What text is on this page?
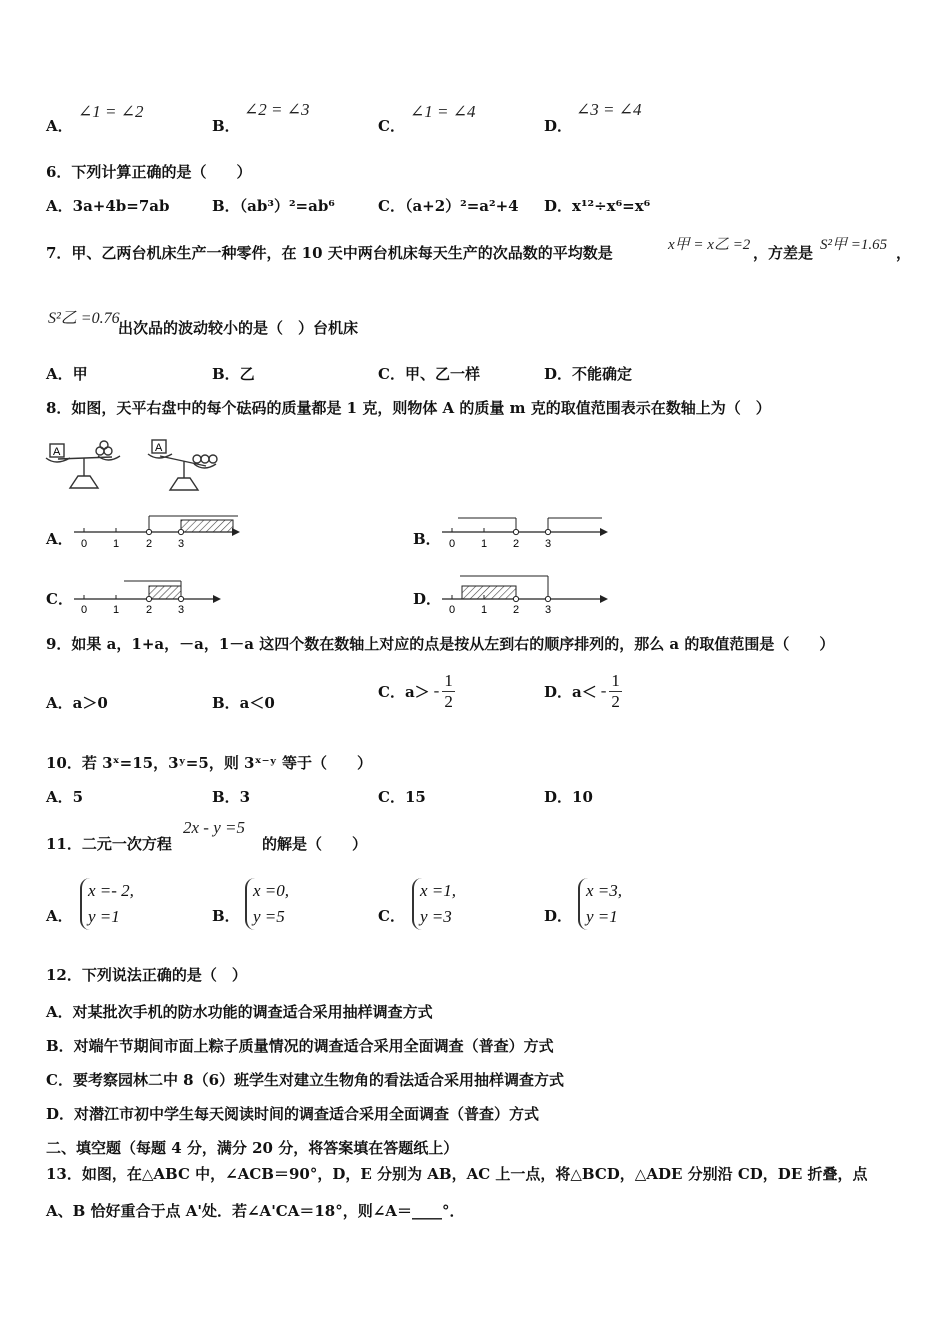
A．
∠1 = ∠2
B．
∠2 = ∠3
C．
∠1 = ∠4
D．
∠3 = ∠4
6．下列计算正确的是（　　）
A．3a+4b=7ab	B．（ab³）²=ab⁶	C．（a+2）²=a²+4 D．x¹²÷x⁶=x⁶
7．甲、乙两台机床生产一种零件，在 10 天中两台机床每天生产的次品数的平均数是	x甲 = x乙 =2 ，方差是 S²甲 =1.65 ，
S²乙 =0.76
出次品的波动较小的是（　）台机床
A．甲	B．乙	C．甲、乙一样	D．不能确定
8．如图，天平右盘中的每个砝码的质量都是 1 克，则物体 A 的质量 m 克的取值范围表示在数轴上为（　）
A	A
A． 0 1 2 3	B． 0 1 2 3
C．
0 1 2 3
D．
0 1 2 3
9．如果 a，1+a，－a，1－a 这四个数在数轴上对应的点是按从左到右的顺序排列的，那么 a 的取值范围是（　　）
A．a＞0	B．a＜0
C．$a> - \frac{1}{2}$	D．$a< - \frac{1}{2}$
10．若 3ˣ=15，3ʸ=5，则 3ˣ⁻ʸ 等于（　　）
A．5	B．3	C．15	D．10
11．二元一次方程
2x - y =5
的解是（　　）
A．
x =- 2,
y =1	B．
x =0,
y =5	C．
x =1,
y =3	D．
x =3,
y =1
12．下列说法正确的是（　）
A．对某批次手机的防水功能的调查适合采用抽样调查方式
B．对端午节期间市面上粽子质量情况的调查适合采用全面调查（普查）方式
C．要考察园林二中 8（6）班学生对建立生物角的看法适合采用抽样调查方式
D．对潜江市初中学生每天阅读时间的调查适合采用全面调查（普查）方式
二、填空题（每题 4 分，满分 20 分，将答案填在答题纸上）
13．如图，在△ABC 中，∠ACB＝90°，D，E 分别为 AB，AC 上一点，将△BCD，△ADE 分别沿 CD，DE 折叠，点
A、B 恰好重合于点 A'处．若∠A'CA＝18°，则∠A＝____°．
